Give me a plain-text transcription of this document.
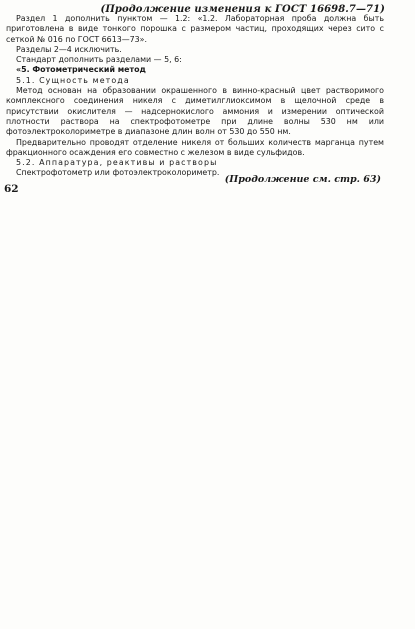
(Продолжение изменения к ГОСТ 16698.7—71)

Раздел 1 дополнить пунктом — 1.2: «1.2. Лабораторная проба должна быть приготовлена в виде тонкого порошка с размером частиц, проходящих через сито с сеткой № 016 по ГОСТ 6613—73».

Разделы 2—4 исключить.

Стандарт дополнить разделами — 5, 6:

«5. Фотометрический метод

5.1. Сущность метода

Метод основан на образовании окрашенного в винно-красный цвет растворимого комплексного соединения никеля с диметилглиоксимом в щелочной среде в присутствии окислителя — надсернокислого аммония и измерении оптической плотности раствора на спектрофотометре при длине волны 530 нм или фотоэлектроколориметре в диапазоне длин волн от 530 до 550 нм.

Предварительно проводят отделение никеля от больших количеств марганца путем фракционного осаждения его совместно с железом в виде сульфидов.

5.2. Аппаратура, реактивы и растворы

Спектрофотометр или фотоэлектроколориметр.

(Продолжение см. стр. 63)
62
